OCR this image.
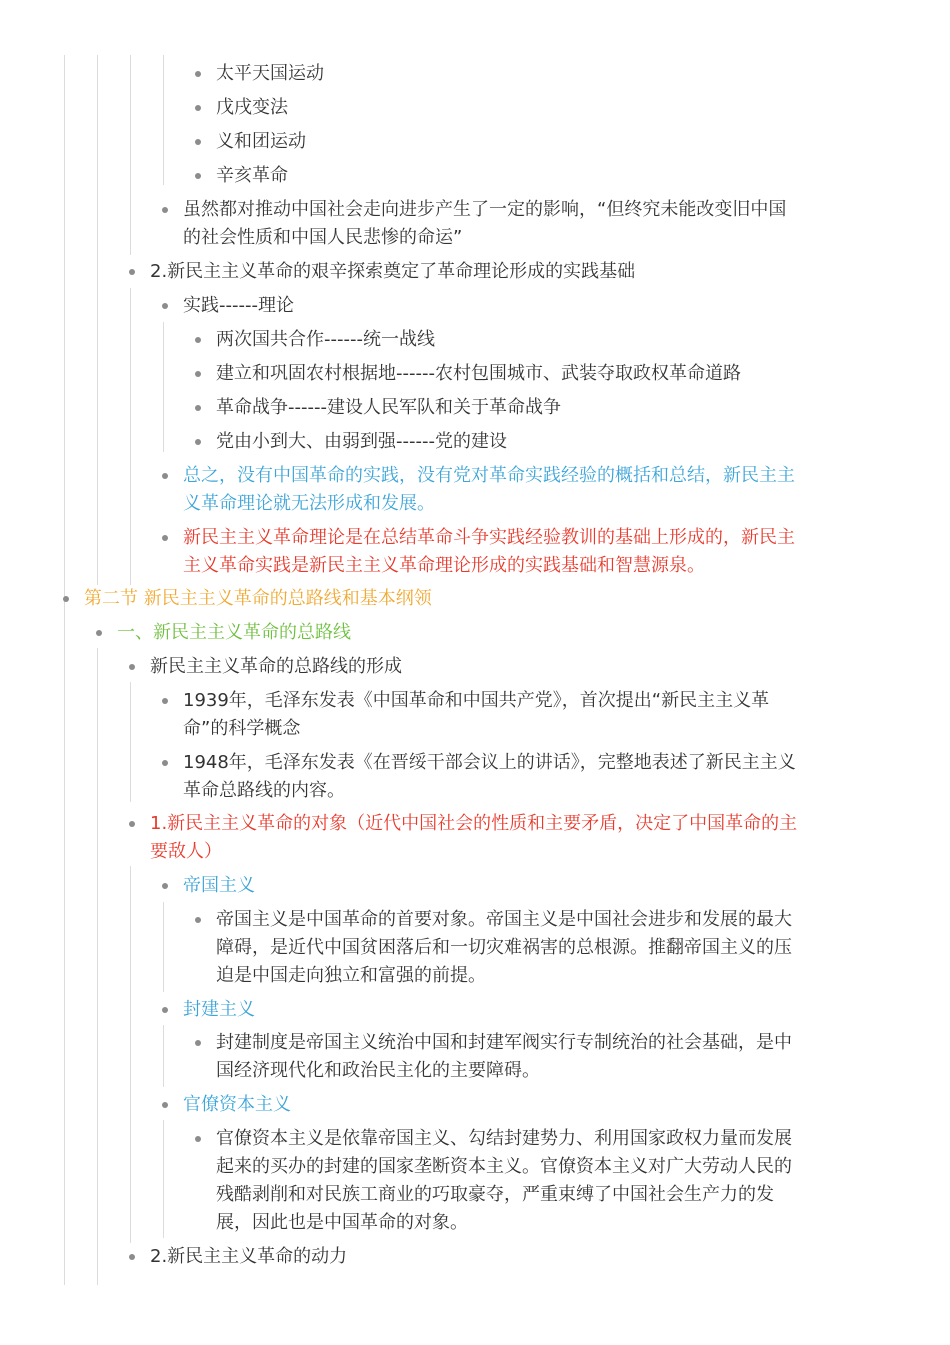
太平天国运动
戊戌变法
义和团运动
辛亥革命
虽然都对推动中国社会走向进步产生了一定的影响，“但终究未能改变旧中国的社会性质和中国人民悲惨的命运”
2.新民主主义革命的艰辛探索奠定了革命理论形成的实践基础
实践------理论
两次国共合作------统一战线
建立和巩固农村根据地------农村包围城市、武装夺取政权革命道路
革命战争------建设人民军队和关于革命战争
党由小到大、由弱到强------党的建设
总之，没有中国革命的实践，没有党对革命实践经验的概括和总结，新民主主义革命理论就无法形成和发展。
新民主主义革命理论是在总结革命斗争实践经验教训的基础上形成的，新民主主义革命实践是新民主主义革命理论形成的实践基础和智慧源泉。
第二节 新民主主义革命的总路线和基本纲领
一、新民主主义革命的总路线
新民主主义革命的总路线的形成
1939年，毛泽东发表《中国革命和中国共产党》，首次提出“新民主主义革命”的科学概念
1948年，毛泽东发表《在晋绥干部会议上的讲话》，完整地表述了新民主主义革命总路线的内容。
1.新民主主义革命的对象（近代中国社会的性质和主要矛盾，决定了中国革命的主要敌人）
帝国主义
帝国主义是中国革命的首要对象。帝国主义是中国社会进步和发展的最大障碍，是近代中国贫困落后和一切灾难祸害的总根源。推翻帝国主义的压迫是中国走向独立和富强的前提。
封建主义
封建制度是帝国主义统治中国和封建军阀实行专制统治的社会基础，是中国经济现代化和政治民主化的主要障碍。
官僚资本主义
官僚资本主义是依靠帝国主义、勾结封建势力、利用国家政权力量而发展起来的买办的封建的国家垄断资本主义。官僚资本主义对广大劳动人民的残酷剥削和对民族工商业的巧取豪夺，严重束缚了中国社会生产力的发展，因此也是中国革命的对象。
2.新民主主义革命的动力
